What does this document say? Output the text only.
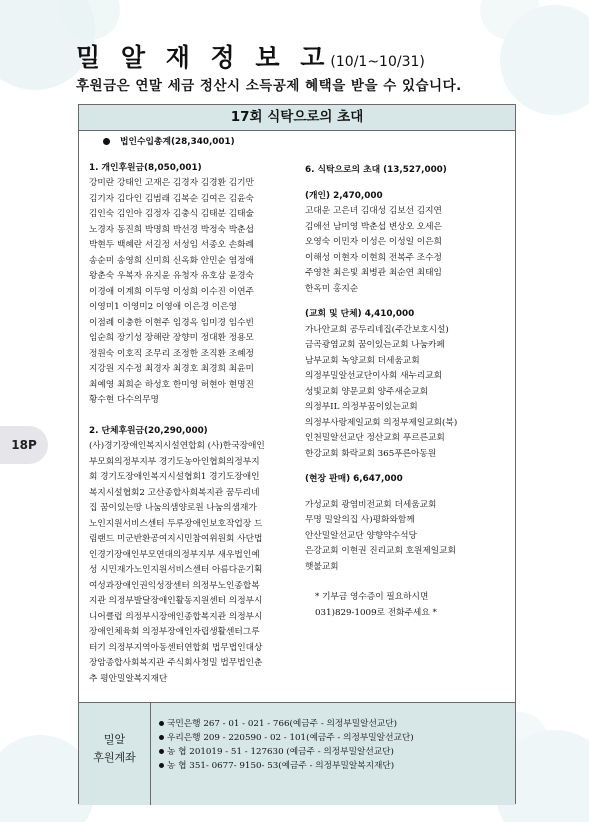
밀 알 재 정 보 고(10/1~10/31)
후원금은 연말 세금 정산시 소득공제 혜택을 받을 수 있습니다.
18P
17회 식탁으로의 초대
법인수입총계(28,340,001)
1. 개인후원금(8,050,001)
강미란 강태인 고재은 김경자 김경환 김기만
김기자 김다인 김범래 김복순 김여은 김윤숙
김인숙 김인아 김정자 김충식 김태분 김태술
노경자 동진희 박명희 박선경 박정숙 박춘섭
박현두 백혜란 서길정 서성임 서종오 손화례
송순미 송영희 신미희 신옥화 안민순 염정애
왕춘숙 우복자 유지윤 유청자 유호삼 윤경숙
이경애 이계희 이두영 이성희 이수진 이연주
이영미1 이영미2 이영애 이은경 이은영
이점례 이충한 이현주 임경옥 임미경 임수빈
임순희 장기성 장해란 장향미 정대환 정용모
정원숙 이호직 조무리 조정한 조직환 조혜정
지강원 지수정 최경자 최경호 최경희 최윤미
최예영 최희순 하성호 한미영 허현아 현명진
황수현 다수의무명
2. 단체후원금(20,290,000)
(사)경기장애인복지시설연합회 (사)한국장애인
부모회의정부지부 경기도농아인협회의정부지
회 경기도장애인복지시설협회1 경기도장애인
복지시설협회2 고산종합사회복지관 꿈두리네
집 꿈이있는땅 나눔의샘양로원 나눔의샘재가
노인지원서비스센터 두루장애인보호작업장 드
림랜드 미군반환공여지시민참여위원회 사단법
인경기장애인부모연대의정부지부 새우법인예
성 시민재가노인지원서비스센터 아름다운기획
여성과장애인권익성장센터 의정부노인종합복
지관 의정부발달장애인활동지원센터 의정부시
니어클럽 의정부시장애인종합복지관 의정부시
장애인체육회 의정부장애인자립생활센터그루
터기 의정부지역아동센터연합회 법무법인대상
장암종합사회복지관 주식회사청밀 법무법인춘
추 평안밀알복지재단
6. 식탁으로의 초대 (13,527,000)
(개인) 2,470,000
고대운 고은녀 김대성 김보선 김지연
김애선 남미영 박춘섭 변상오 오세은
오영숙 이민자 이성은 이성일 이은희
이해성 이현자 이현희 전복주 조수정
주영찬 최은빛 최병관 최순연 최태임
한옥미 홍지순
(교회 및 단체) 4,410,000
가나안교회 공두리네집(주간보호시설)
금곡광염교회 꿈이있는교회 나눔카페
남부교회 녹양교회 더세움교회
의정부밀알선교단이사회 새누리교회
성빛교회 양문교회 양주새순교회
의정부IL 의정부꿈이있는교회
의정부사랑제일교회 의정부제일교회(북)
인천밀알선교단 정산교회 푸르른교회
한강교회 화락교회 365푸른아동원
(현장 판매) 6,647,000
가성교회 광염비전교회 더세움교회
무명 밀알의집 사)평화와함께
안산밀알선교단 양향약수석당
은강교회 이현권 진리교회 호원제일교회
햇불교회
* 기부금 영수증이 필요하시면
031)829-1009로 전화주세요 *
밀알
후원계좌
국민은행 267 - 01 - 021 - 766(예금주 - 의정부밀알선교단)
우리은행 209 - 220590 - 02 - 101(예금주 - 의정부밀알선교단)
농 협 201019 - 51 - 127630 (예금주 - 의정부밀알선교단)
농 협 351- 0677- 9150- 53(예금주 - 의정부밀알복지재단)
